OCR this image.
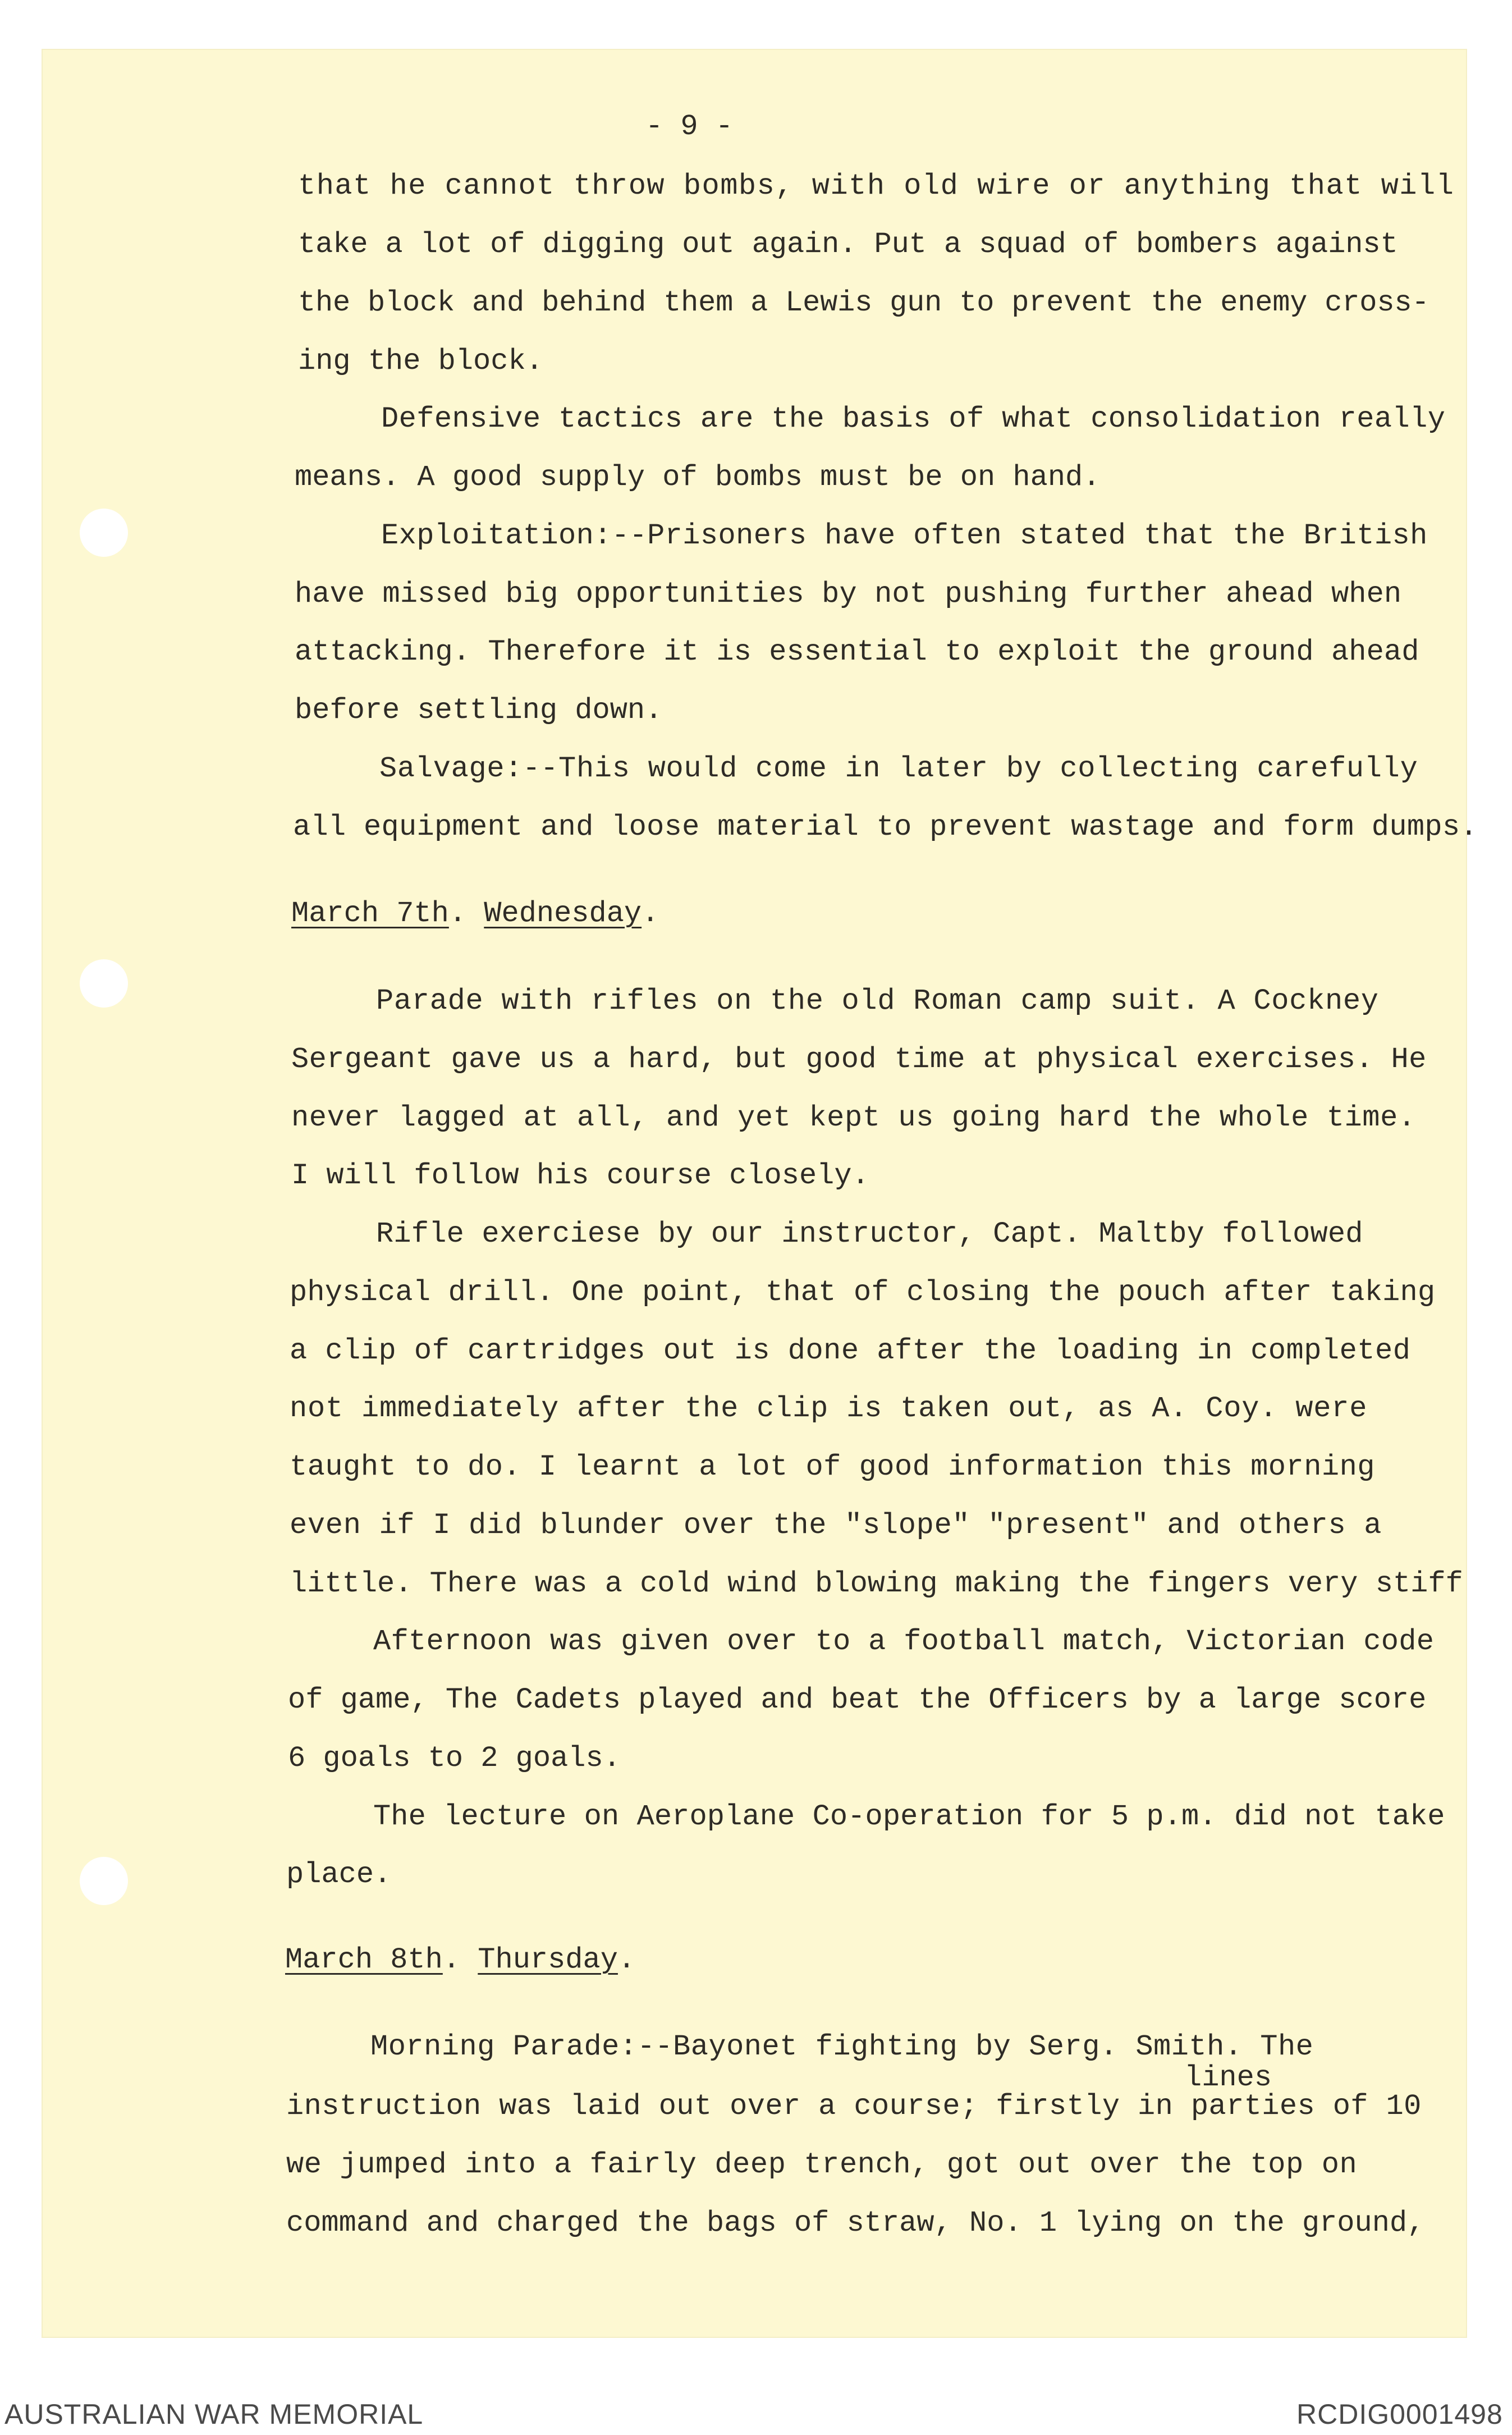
- 9 -

that he cannot throw bombs, with old wire or anything that will

take a lot of digging out again. Put a squad of bombers against

the block and behind them a Lewis gun to prevent the enemy cross-

ing the block.

Defensive tactics are the basis of what consolidation really

means. A good supply of bombs must be on hand.

Exploitation:--Prisoners have often stated that the British

have missed big opportunities by not pushing further ahead when

attacking. Therefore it is essential to exploit the ground ahead

before settling down.

Salvage:--This would come in later by collecting carefully

all equipment and loose material to prevent wastage and form dumps.

March 7th. Wednesday.

Parade with rifles on the old Roman camp suit. A Cockney

Sergeant gave us a hard, but good time at physical exercises. He

never lagged at all, and yet kept us going hard the whole time.

I will follow his course closely.

Rifle exerciese by our instructor, Capt. Maltby followed

physical drill. One point, that of closing the pouch after taking

a clip of cartridges out is done after the loading in completed

not immediately after the clip is taken out, as A. Coy. were

taught to do. I learnt a lot of good information this morning

even if I did blunder over the "slope" "present" and others a

little. There was a cold wind blowing making the fingers very stiff

Afternoon was given over to a football match, Victorian code

of game, The Cadets played and beat the Officers by a large score

6 goals to 2 goals.

The lecture on Aeroplane Co-operation for 5 p.m. did not take

place.

March 8th. Thursday.

Morning Parade:--Bayonet fighting by Serg. Smith. The

lines

instruction was laid out over a course; firstly in parties of 10

we jumped into a fairly deep trench, got out over the top on

command and charged the bags of straw, No. 1 lying on the ground,

AUSTRALIAN WAR MEMORIAL	RCDIG0001498
